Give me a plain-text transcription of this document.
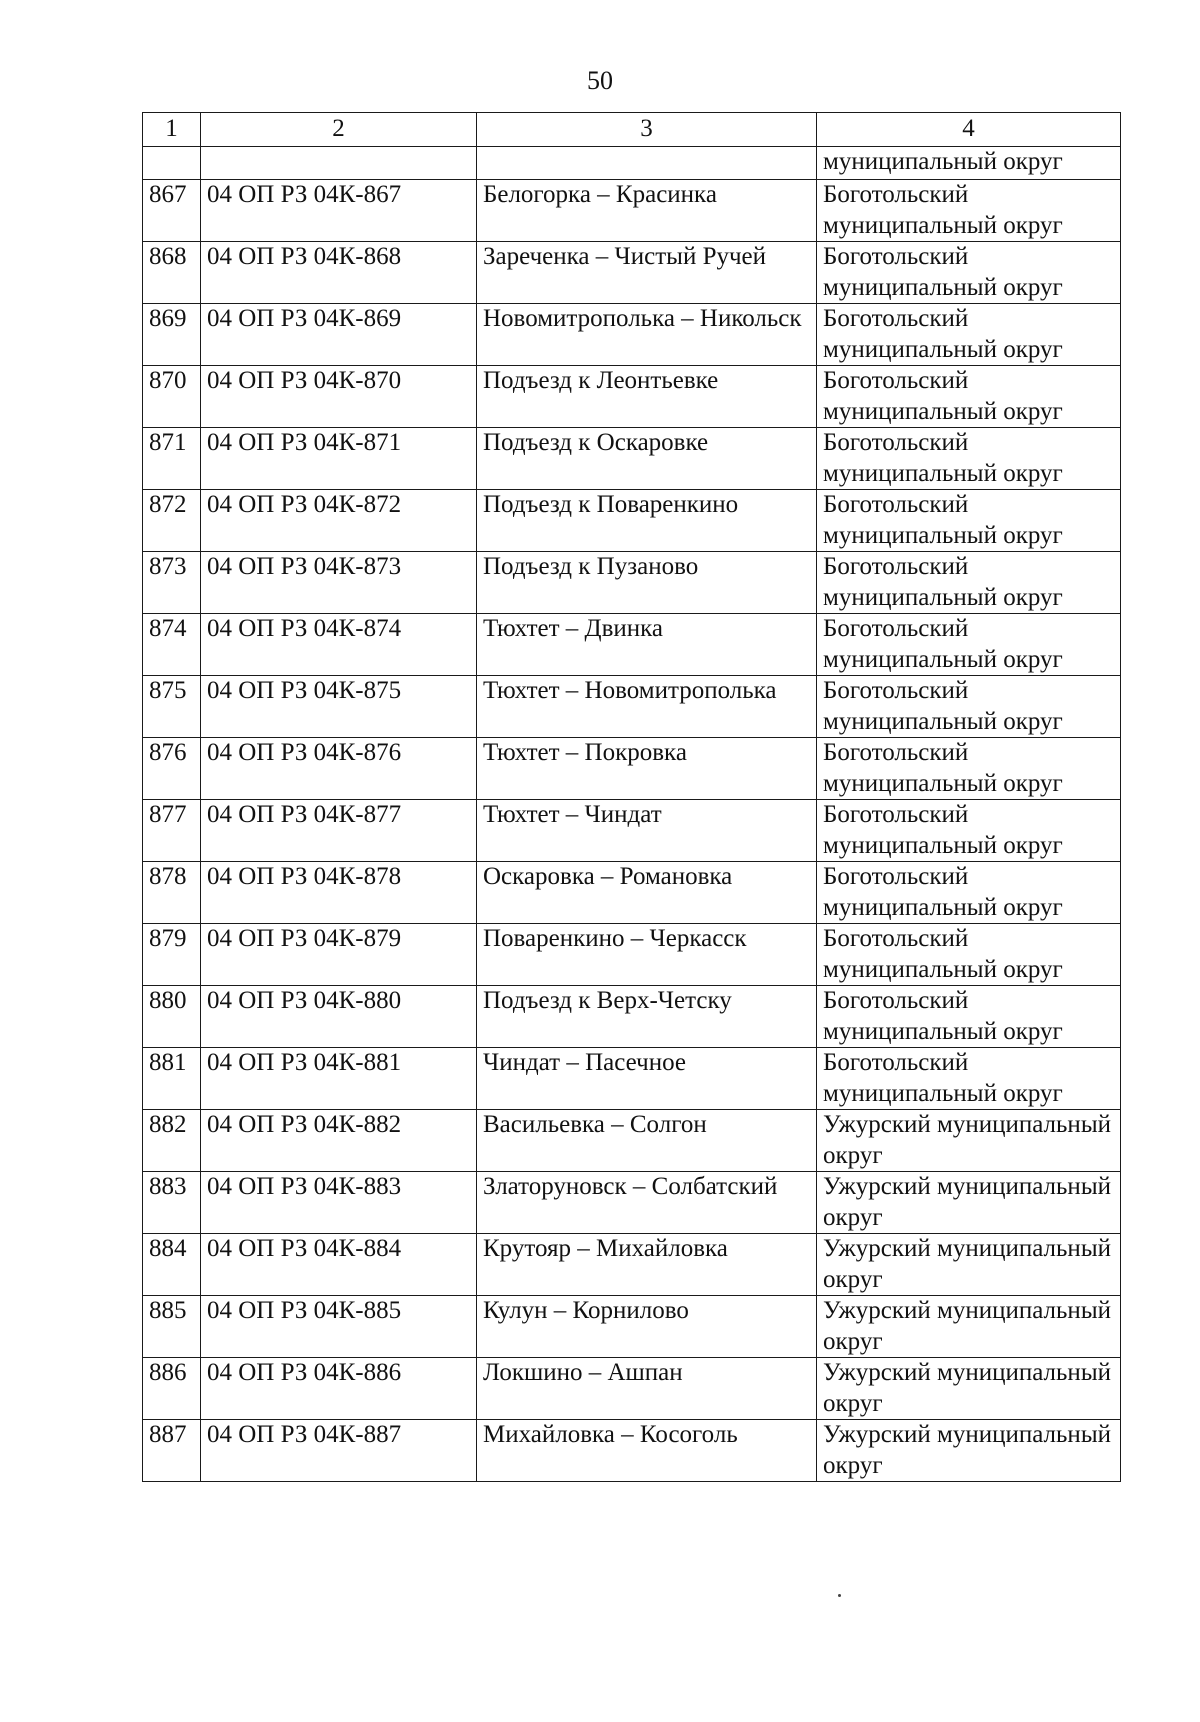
50
1	2	3	4
			муниципальный округ
867	04 ОП РЗ 04К-867	Белогорка – Красинка	Боготольский муниципальный округ
868	04 ОП РЗ 04К-868	Зареченка – Чистый Ручей	Боготольский муниципальный округ
869	04 ОП РЗ 04К-869	Новомитрополька – Никольск	Боготольский муниципальный округ
870	04 ОП РЗ 04К-870	Подъезд к Леонтьевке	Боготольский муниципальный округ
871	04 ОП РЗ 04К-871	Подъезд к Оскаровке	Боготольский муниципальный округ
872	04 ОП РЗ 04К-872	Подъезд к Поваренкино	Боготольский муниципальный округ
873	04 ОП РЗ 04К-873	Подъезд к Пузаново	Боготольский муниципальный округ
874	04 ОП РЗ 04К-874	Тюхтет – Двинка	Боготольский муниципальный округ
875	04 ОП РЗ 04К-875	Тюхтет – Новомитрополька	Боготольский муниципальный округ
876	04 ОП РЗ 04К-876	Тюхтет – Покровка	Боготольский муниципальный округ
877	04 ОП РЗ 04К-877	Тюхтет – Чиндат	Боготольский муниципальный округ
878	04 ОП РЗ 04К-878	Оскаровка – Романовка	Боготольский муниципальный округ
879	04 ОП РЗ 04К-879	Поваренкино – Черкасск	Боготольский муниципальный округ
880	04 ОП РЗ 04К-880	Подъезд к Верх-Четску	Боготольский муниципальный округ
881	04 ОП РЗ 04К-881	Чиндат – Пасечное	Боготольский муниципальный округ
882	04 ОП РЗ 04К-882	Васильевка – Солгон	Ужурский муниципальный округ
883	04 ОП РЗ 04К-883	Златоруновск – Солбатский	Ужурский муниципальный округ
884	04 ОП РЗ 04К-884	Крутояр – Михайловка	Ужурский муниципальный округ
885	04 ОП РЗ 04К-885	Кулун – Корнилово	Ужурский муниципальный округ
886	04 ОП РЗ 04К-886	Локшино – Ашпан	Ужурский муниципальный округ
887	04 ОП РЗ 04К-887	Михайловка – Косоголь	Ужурский муниципальный округ
